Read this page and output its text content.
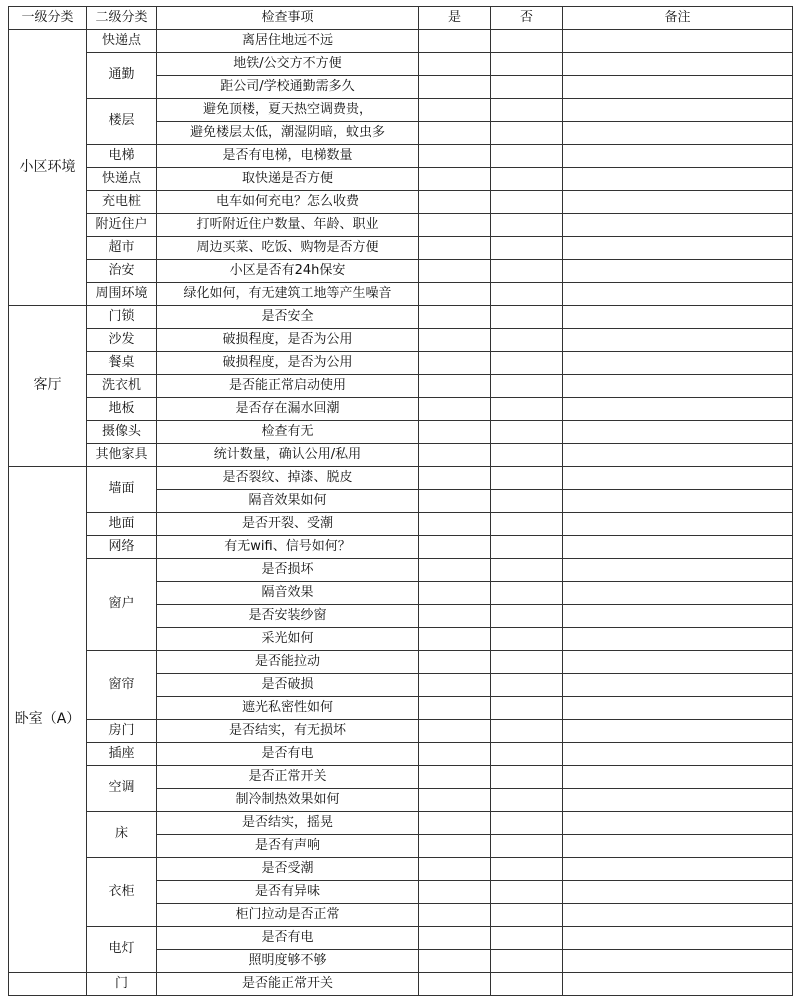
一级分类	二级分类	检查事项	是	否	备注
小区环境	快递点	离居住地远不远			
	通勤	地铁/公交方不方便			
		距公司/学校通勤需多久			
	楼层	避免顶楼，夏天热空调费贵，			
		避免楼层太低，潮湿阴暗，蚊虫多			
	电梯	是否有电梯，电梯数量			
	快递点	取快递是否方便			
	充电桩	电车如何充电？怎么收费			
	附近住户	打听附近住户数量、年龄、职业			
	超市	周边买菜、吃饭、购物是否方便			
	治安	小区是否有24h保安			
	周围环境	绿化如何，有无建筑工地等产生噪音			
客厅	门锁	是否安全			
	沙发	破损程度，是否为公用			
	餐桌	破损程度，是否为公用			
	洗衣机	是否能正常启动使用			
	地板	是否存在漏水回潮			
	摄像头	检查有无			
	其他家具	统计数量，确认公用/私用			
卧室（A）	墙面	是否裂纹、掉漆、脱皮			
		隔音效果如何			
	地面	是否开裂、受潮			
	网络	有无wifi、信号如何？			
	窗户	是否损坏			
		隔音效果			
		是否安装纱窗			
		采光如何			
	窗帘	是否能拉动			
		是否破损			
		遮光私密性如何			
	房门	是否结实，有无损坏			
	插座	是否有电			
	空调	是否正常开关			
		制冷制热效果如何			
	床	是否结实，摇晃			
		是否有声响			
	衣柜	是否受潮			
		是否有异味			
		柜门拉动是否正常			
	电灯	是否有电			
		照明度够不够			
	门	是否能正常开关			
